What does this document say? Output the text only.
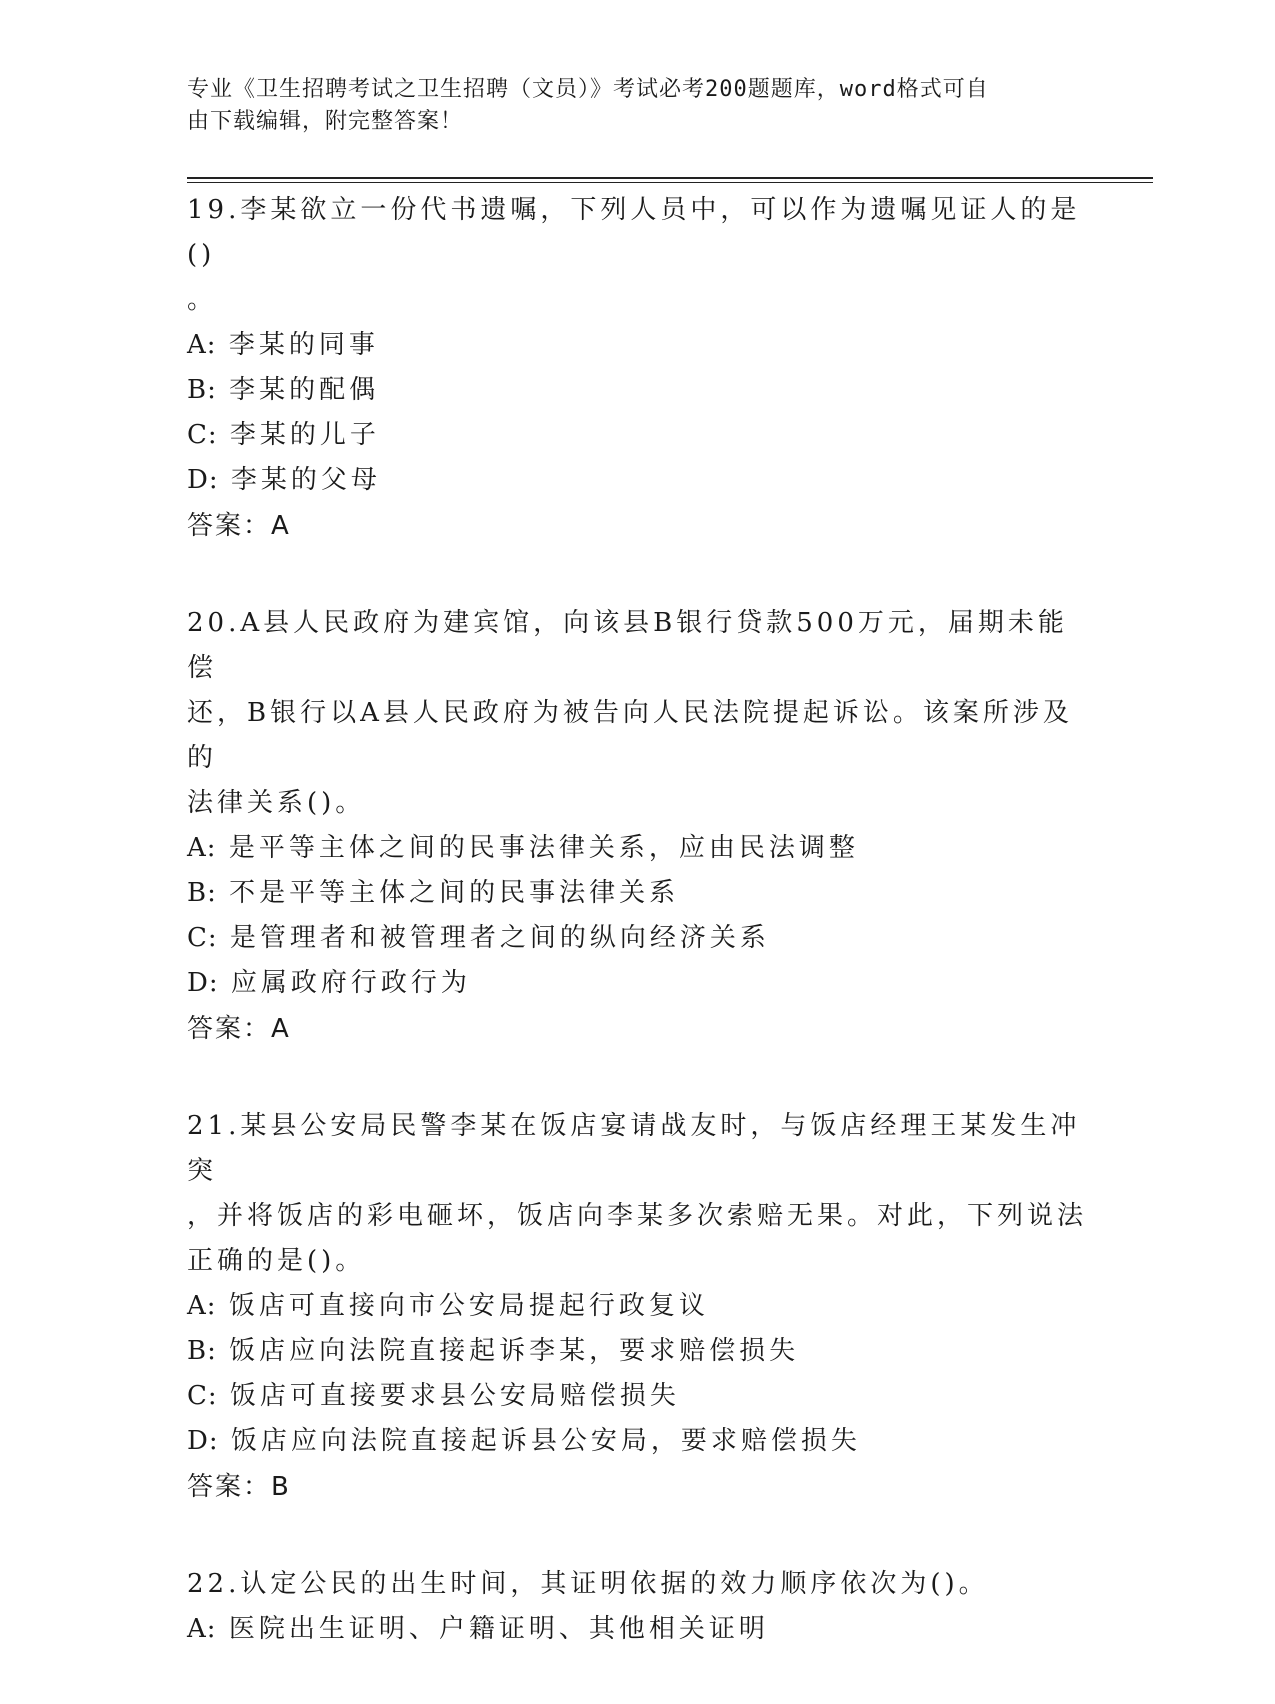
专业《卫生招聘考试之卫生招聘（文员）》考试必考200题题库，word格式可自
由下载编辑，附完整答案！
19.李某欲立一份代书遗嘱，下列人员中，可以作为遗嘱见证人的是()
。
A: 李某的同事
B: 李某的配偶
C: 李某的儿子
D: 李某的父母
答案：A
20.A县人民政府为建宾馆，向该县B银行贷款500万元，届期未能偿
还，B银行以A县人民政府为被告向人民法院提起诉讼。该案所涉及的
法律关系()。
A: 是平等主体之间的民事法律关系，应由民法调整
B: 不是平等主体之间的民事法律关系
C: 是管理者和被管理者之间的纵向经济关系
D: 应属政府行政行为
答案：A
21.某县公安局民警李某在饭店宴请战友时，与饭店经理王某发生冲突
，并将饭店的彩电砸坏，饭店向李某多次索赔无果。对此，下列说法
正确的是()。
A: 饭店可直接向市公安局提起行政复议
B: 饭店应向法院直接起诉李某，要求赔偿损失
C: 饭店可直接要求县公安局赔偿损失
D: 饭店应向法院直接起诉县公安局，要求赔偿损失
答案：B
22.认定公民的出生时间，其证明依据的效力顺序依次为()。
A: 医院出生证明、户籍证明、其他相关证明
